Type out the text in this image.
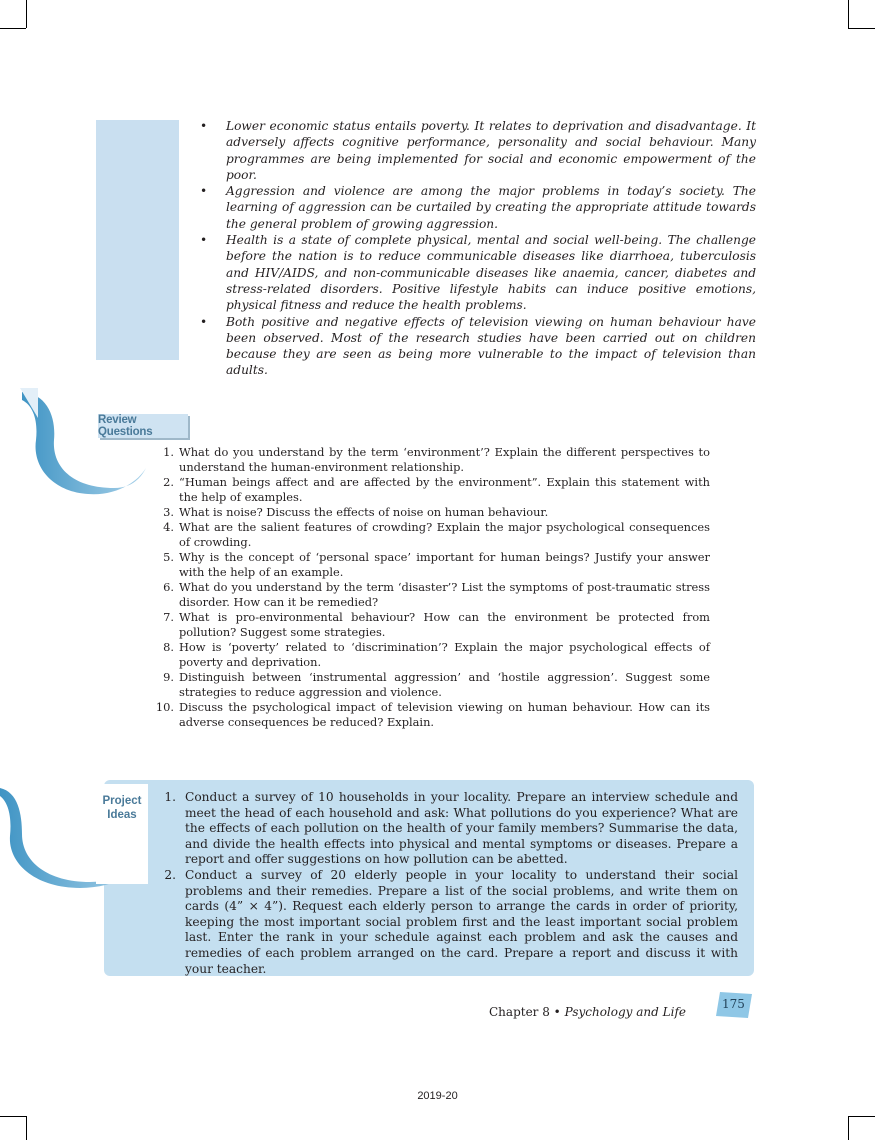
• Lower economic status entails poverty. It relates to deprivation and disadvantage. It adversely affects cognitive performance, personality and social behaviour. Many programmes are being implemented for social and economic empowerment of the poor.
• Aggression and violence are among the major problems in today’s society. The learning of aggression can be curtailed by creating the appropriate attitude towards the general problem of growing aggression.
• Health is a state of complete physical, mental and social well-being. The challenge before the nation is to reduce communicable diseases like diarrhoea, tuberculosis and HIV/AIDS, and non-communicable diseases like anaemia, cancer, diabetes and stress-related disorders. Positive lifestyle habits can induce positive emotions, physical fitness and reduce the health problems.
• Both positive and negative effects of television viewing on human behaviour have been observed. Most of the research studies have been carried out on children because they are seen as being more vulnerable to the impact of television than adults.
Review Questions
1. What do you understand by the term ‘environment’? Explain the different perspectives to understand the human-environment relationship.
2. “Human beings affect and are affected by the environment”. Explain this statement with the help of examples.
3. What is noise? Discuss the effects of noise on human behaviour.
4. What are the salient features of crowding? Explain the major psychological consequences of crowding.
5. Why is the concept of ‘personal space’ important for human beings? Justify your answer with the help of an example.
6. What do you understand by the term ‘disaster’? List the symptoms of post-traumatic stress disorder. How can it be remedied?
7. What is pro-environmental behaviour? How can the environment be protected from pollution? Suggest some strategies.
8. How is ‘poverty’ related to ‘discrimination’? Explain the major psychological effects of poverty and deprivation.
9. Distinguish between ‘instrumental aggression’ and ‘hostile aggression’. Suggest some strategies to reduce aggression and violence.
10. Discuss the psychological impact of television viewing on human behaviour. How can its adverse consequences be reduced? Explain.
Project
Ideas
1. Conduct a survey of 10 households in your locality. Prepare an interview schedule and meet the head of each household and ask: What pollutions do you experience? What are the effects of each pollution on the health of your family members? Summarise the data, and divide the health effects into physical and mental symptoms or diseases. Prepare a report and offer suggestions on how pollution can be abetted.
2. Conduct a survey of 20 elderly people in your locality to understand their social problems and their remedies. Prepare a list of the social problems, and write them on cards (4” × 4”). Request each elderly person to arrange the cards in order of priority, keeping the most important social problem first and the least important social problem last. Enter the rank in your schedule against each problem and ask the causes and remedies of each problem arranged on the card. Prepare a report and discuss it with your teacher.
Chapter 8 • Psychology and Life
175
2019-20
